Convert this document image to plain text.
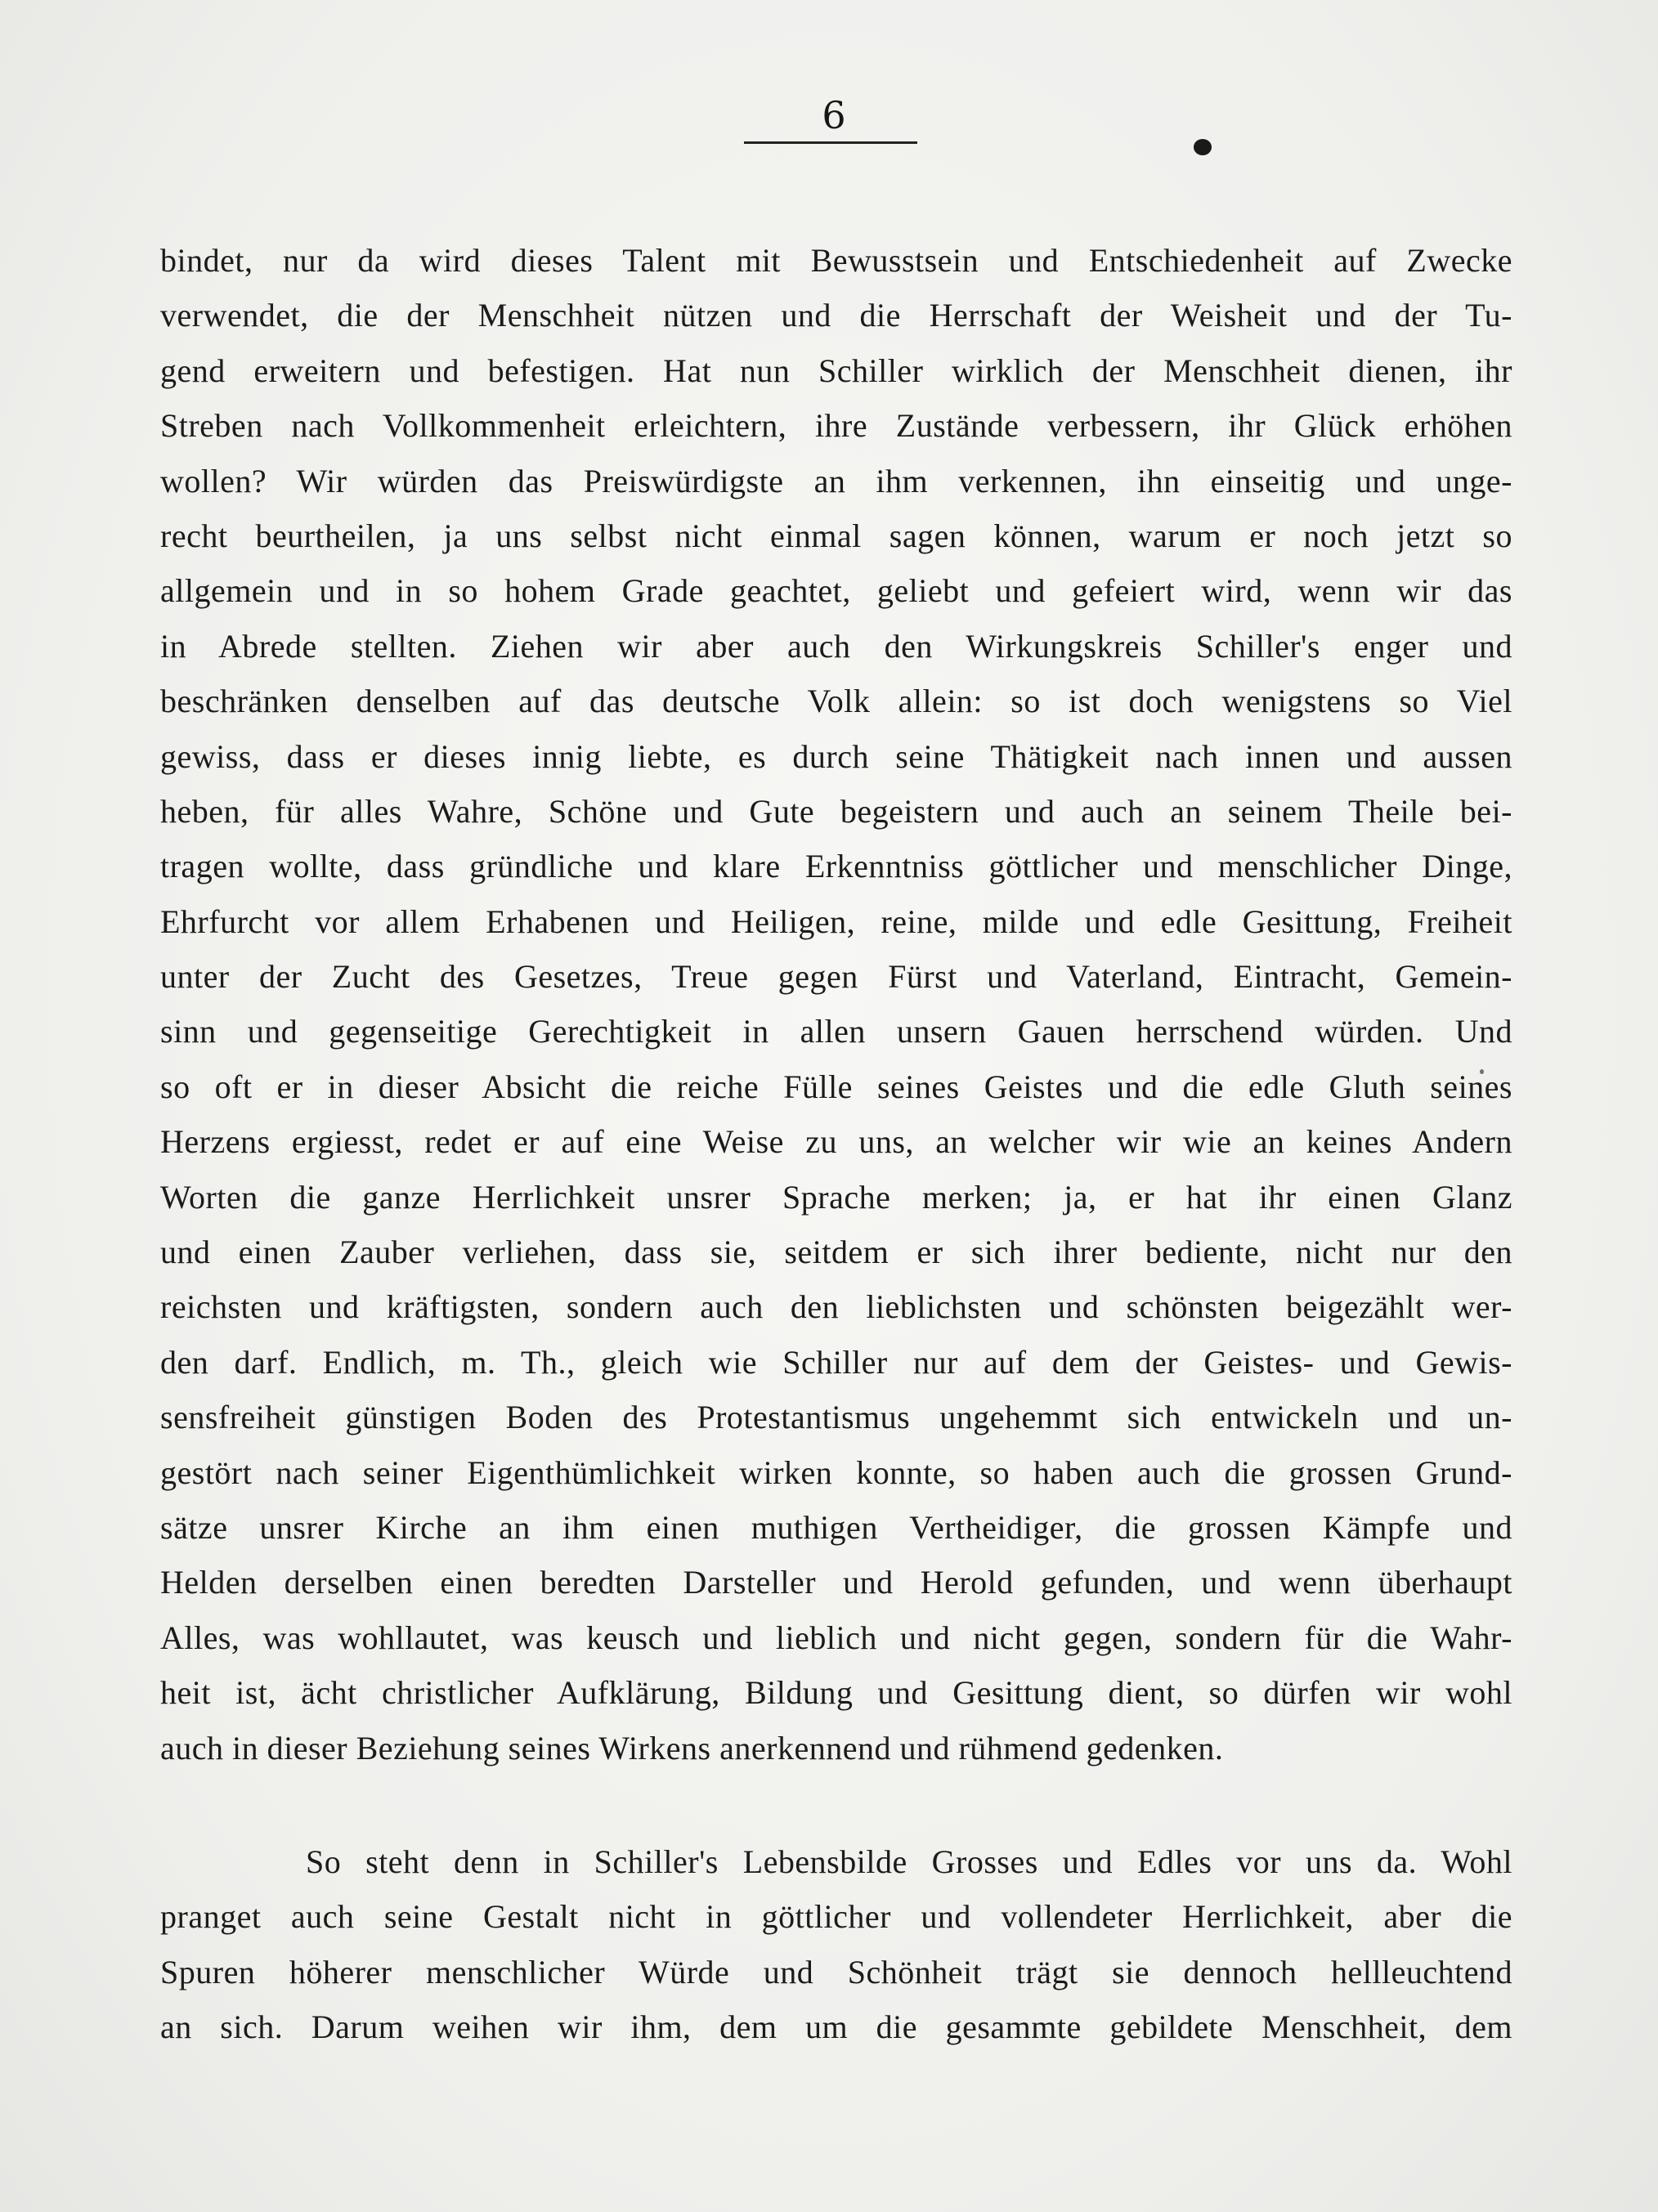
6
bindet, nur da wird dieses Talent mit Bewusstsein und Entschiedenheit auf Zwecke
verwendet, die der Menschheit nützen und die Herrschaft der Weisheit und der Tu-
gend erweitern und befestigen. Hat nun Schiller wirklich der Menschheit dienen, ihr
Streben nach Vollkommenheit erleichtern, ihre Zustände verbessern, ihr Glück erhöhen
wollen? Wir würden das Preiswürdigste an ihm verkennen, ihn einseitig und unge-
recht beurtheilen, ja uns selbst nicht einmal sagen können, warum er noch jetzt so
allgemein und in so hohem Grade geachtet, geliebt und gefeiert wird, wenn wir das
in Abrede stellten. Ziehen wir aber auch den Wirkungskreis Schiller's enger und
beschränken denselben auf das deutsche Volk allein: so ist doch wenigstens so Viel
gewiss, dass er dieses innig liebte, es durch seine Thätigkeit nach innen und aussen
heben, für alles Wahre, Schöne und Gute begeistern und auch an seinem Theile bei-
tragen wollte, dass gründliche und klare Erkenntniss göttlicher und menschlicher Dinge,
Ehrfurcht vor allem Erhabenen und Heiligen, reine, milde und edle Gesittung, Freiheit
unter der Zucht des Gesetzes, Treue gegen Fürst und Vaterland, Eintracht, Gemein-
sinn und gegenseitige Gerechtigkeit in allen unsern Gauen herrschend würden. Und
so oft er in dieser Absicht die reiche Fülle seines Geistes und die edle Gluth seines
Herzens ergiesst, redet er auf eine Weise zu uns, an welcher wir wie an keines Andern
Worten die ganze Herrlichkeit unsrer Sprache merken; ja, er hat ihr einen Glanz
und einen Zauber verliehen, dass sie, seitdem er sich ihrer bediente, nicht nur den
reichsten und kräftigsten, sondern auch den lieblichsten und schönsten beigezählt wer-
den darf. Endlich, m. Th., gleich wie Schiller nur auf dem der Geistes- und Gewis-
sensfreiheit günstigen Boden des Protestantismus ungehemmt sich entwickeln und un-
gestört nach seiner Eigenthümlichkeit wirken konnte, so haben auch die grossen Grund-
sätze unsrer Kirche an ihm einen muthigen Vertheidiger, die grossen Kämpfe und
Helden derselben einen beredten Darsteller und Herold gefunden, und wenn überhaupt
Alles, was wohllautet, was keusch und lieblich und nicht gegen, sondern für die Wahr-
heit ist, ächt christlicher Aufklärung, Bildung und Gesittung dient, so dürfen wir wohl
auch in dieser Beziehung seines Wirkens anerkennend und rühmend gedenken.
So steht denn in Schiller's Lebensbilde Grosses und Edles vor uns da. Wohl
pranget auch seine Gestalt nicht in göttlicher und vollendeter Herrlichkeit, aber die
Spuren höherer menschlicher Würde und Schönheit trägt sie dennoch hellleuchtend
an sich. Darum weihen wir ihm, dem um die gesammte gebildete Menschheit, dem
